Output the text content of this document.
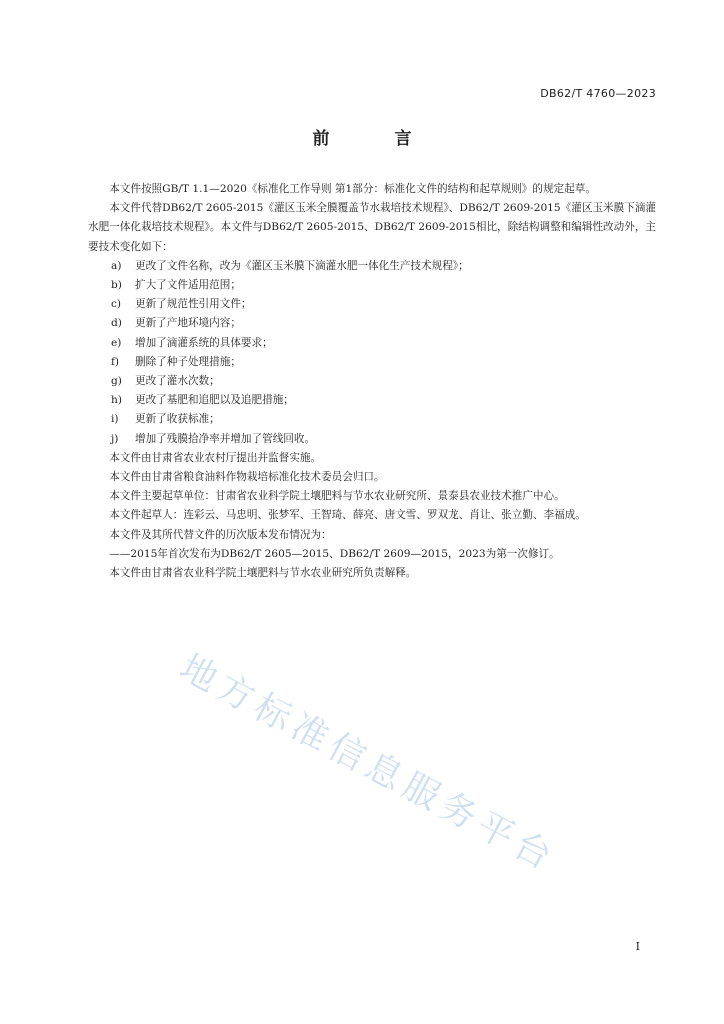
DB62/T 4760—2023
前　言

本文件按照GB/T 1.1—2020《标准化工作导则 第1部分：标准化文件的结构和起草规则》的规定起草。

本文件代替DB62/T 2605-2015《灌区玉米全膜覆盖节水栽培技术规程》、DB62/T 2609-2015《灌区玉米膜下滴灌水肥一体化栽培技术规程》。本文件与DB62/T 2605-2015、DB62/T 2609-2015相比，除结构调整和编辑性改动外，主要技术变化如下：

a)	更改了文件名称，改为《灌区玉米膜下滴灌水肥一体化生产技术规程》；
b)	扩大了文件适用范围；
c)	更新了规范性引用文件；
d)	更新了产地环境内容；
e)	增加了滴灌系统的具体要求；
f)	删除了种子处理措施；
g)	更改了灌水次数；
h)	更改了基肥和追肥以及追肥措施；
i)	更新了收获标准；
j)	增加了残膜拾净率并增加了管线回收。

本文件由甘肃省农业农村厅提出并监督实施。

本文件由甘肃省粮食油料作物栽培标准化技术委员会归口。

本文件主要起草单位：甘肃省农业科学院土壤肥料与节水农业研究所、景泰县农业技术推广中心。

本文件起草人：连彩云、马忠明、张梦军、王智琦、薛亮、唐文雪、罗双龙、肖让、张立勤、李福成。

本文件及其所代替文件的历次版本发布情况为：

——2015年首次发布为DB62/T 2605—2015、DB62/T 2609—2015，2023为第一次修订。

本文件由甘肃省农业科学院土壤肥料与节水农业研究所负责解释。

地方标准信息服务平台
I
